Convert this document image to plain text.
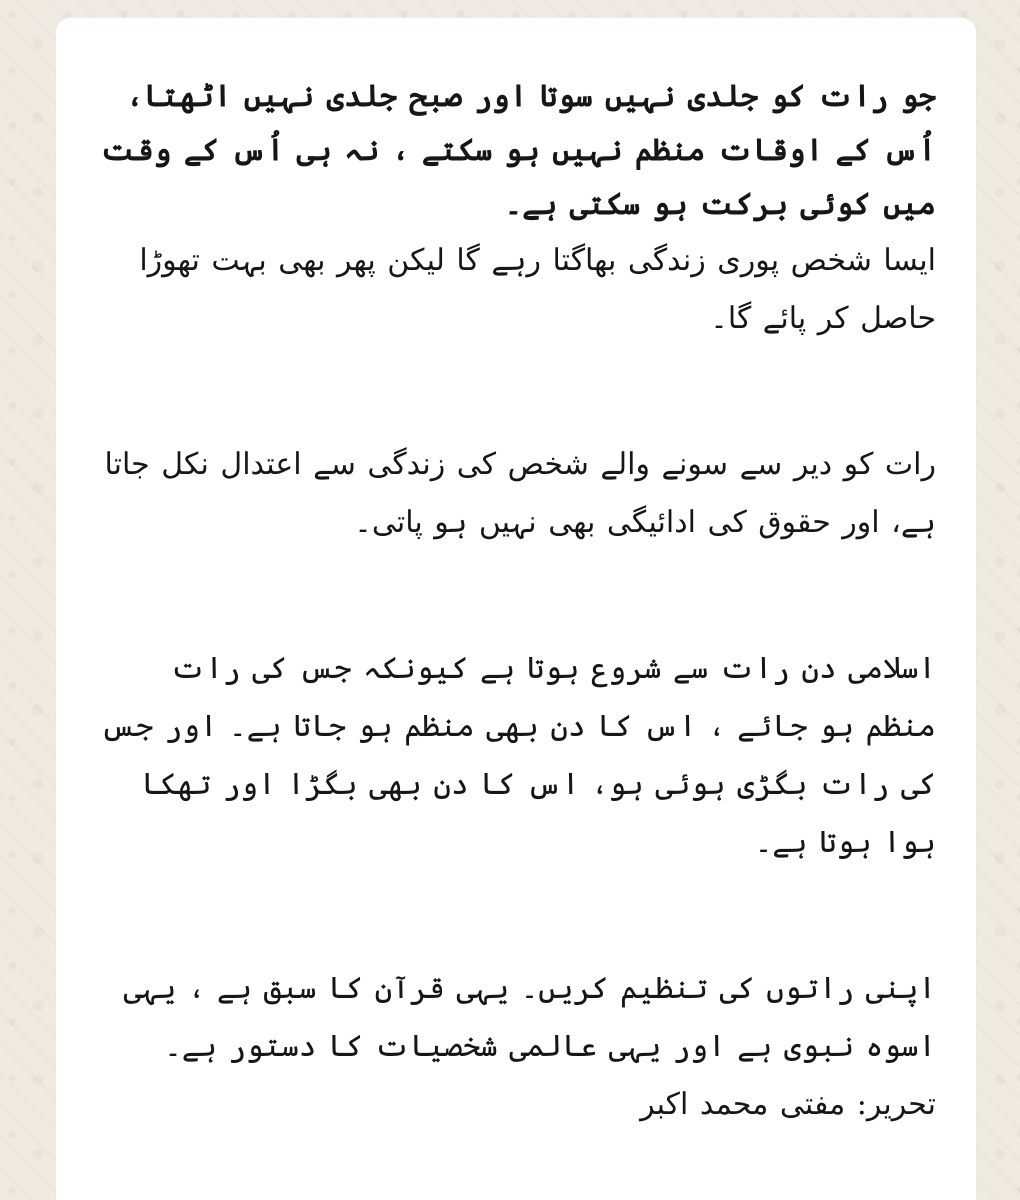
جو رات کو جلدی نہیں سوتا اور صبح جلدی نہیں اٹھتا، اُس کے اوقات منظم نہیں ہو سکتے ، نہ ہی اُس کے وقت میں کوئی برکت ہو سکتی ہے۔

ایسا شخص پوری زندگی بھاگتا رہے گا لیکن پھر بھی بہت تھوڑا حاصل کر پائے گا۔

رات کو دیر سے سونے والے شخص کی زندگی سے اعتدال نکل جاتا ہے، اور حقوق کی ادائیگی بھی نہیں ہو پاتی۔

اسلامی دن رات سے شروع ہوتا ہے کیونکہ جس کی رات منظم ہو جائے ، اس کا دن بھی منظم ہو جاتا ہے۔ اور جس کی رات بگڑی ہوئی ہو، اس کا دن بھی بگڑا اور تھکا ہوا ہوتا ہے۔

اپنی راتوں کی تنظیم کریں۔ یہی قرآن کا سبق ہے ، یہی اسوہ نبوی ہے اور یہی عالمی شخصیات کا دستور ہے۔

تحریر: مفتی محمد اکبر
